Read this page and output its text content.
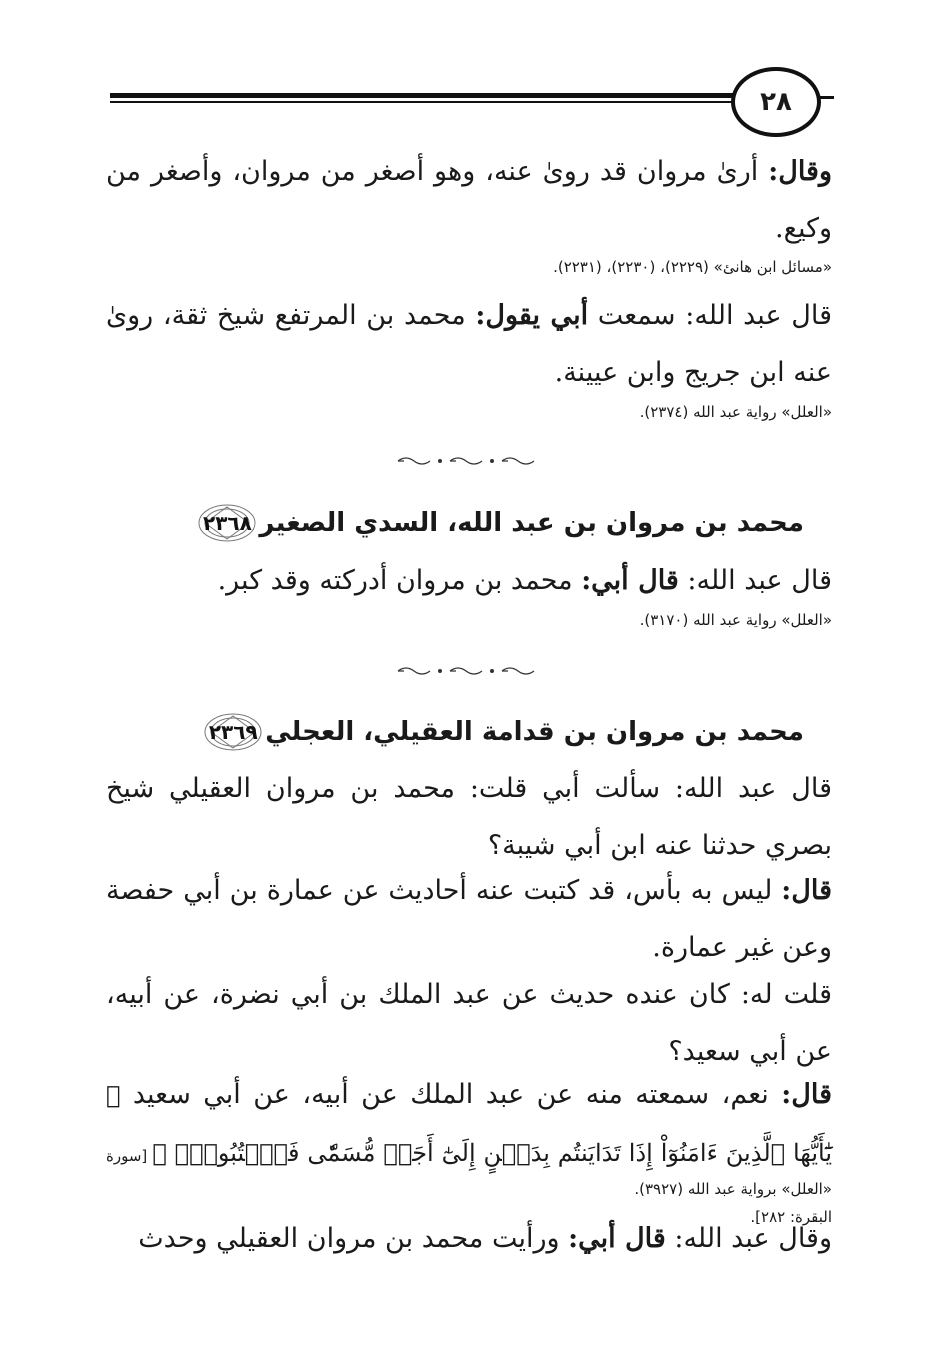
٢٨

وقال: أرىٰ مروان قد روىٰ عنه، وهو أصغر من مروان، وأصغر من وكيع.

«مسائل ابن هانئ» (٢٢٢٩)، (٢٢٣٠)، (٢٢٣١).

قال عبد الله: سمعت أبي يقول: محمد بن المرتفع شيخ ثقة، روىٰ عنه ابن جريج وابن عيينة.

«العلل» رواية عبد الله (٢٣٧٤).
٢٣٦٨ محمد بن مروان بن عبد الله، السدي الصغير

قال عبد الله: قال أبي: محمد بن مروان أدركته وقد كبر.

«العلل» رواية عبد الله (٣١٧٠).
٢٣٦٩ محمد بن مروان بن قدامة العقيلي، العجلي

قال عبد الله: سألت أبي قلت: محمد بن مروان العقيلي شيخ بصري حدثنا عنه ابن أبي شيبة؟

قال: ليس به بأس، قد كتبت عنه أحاديث عن عمارة بن أبي حفصة وعن غير عمارة.

قلت له: كان عنده حديث عن عبد الملك بن أبي نضرة، عن أبيه، عن أبي سعيد؟

قال: نعم، سمعته منه عن عبد الملك عن أبيه، عن أبي سعيد ﴿ يَٰٓأَيُّهَا ٱلَّذِينَ ءَامَنُوٓاْ إِذَا تَدَايَنتُم بِدَيۡنٍ إِلَىٰٓ أَجَلٖ مُّسَمّٗى فَٱكۡتُبُوهُۚ ﴾ [سورة البقرة: ٢٨٢].

«العلل» برواية عبد الله (٣٩٢٧).

وقال عبد الله: قال أبي: ورأيت محمد بن مروان العقيلي وحدث
